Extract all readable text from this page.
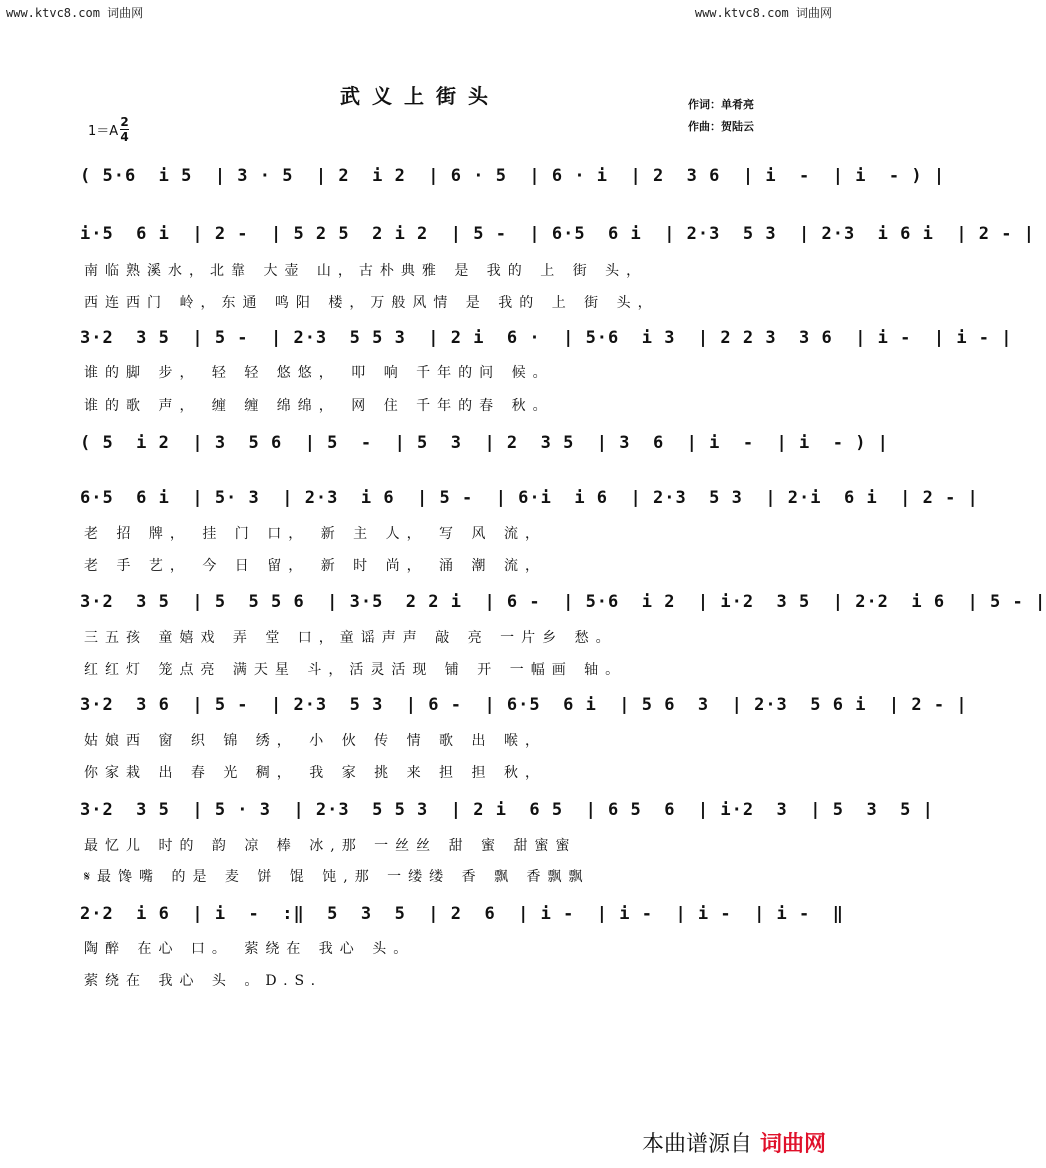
www.ktvc8.com 词曲网	www.ktvc8.com 词曲网
武义上街头	作词：单肴亮
作曲：贺陆云
1＝A
2
4
( 5·6  i 5  | 3 · 5  | 2  i 2  | 6 · 5  | 6 · i  | 2  3 6  | i  -  | i  - ) |
i·5  6 i  | 2 -  | 5 2 5  2 i 2  | 5 -  | 6·5  6 i  | 2·3  5 3  | 2·3  i 6 i  | 2 - |
南临熟溪水，北靠 大壶 山，古朴典雅 是 我的 上 街 头，
西连西门 岭，东通 鸣阳 楼，万般风情 是 我的 上 街 头，
3·2  3 5  | 5 -  | 2·3  5 5 3  | 2 i  6 ·  | 5·6  i 3  | 2 2 3  3 6  | i -  | i - |
谁的脚 步， 轻 轻 悠悠， 叩 响 千年的问 候。
谁的歌 声， 缠 缠 绵绵， 网 住 千年的春 秋。
( 5  i 2  | 3  5 6  | 5  -  | 5  3  | 2  3 5  | 3  6  | i  -  | i  - ) |
6·5  6 i  | 5· 3  | 2·3  i 6  | 5 -  | 6·i  i 6  | 2·3  5 3  | 2·i  6 i  | 2 - |
老 招 牌， 挂 门 口， 新 主 人， 写 风 流，
老 手 艺， 今 日 留， 新 时 尚， 涌 潮 流，
3·2  3 5  | 5  5 5 6  | 3·5  2 2 i  | 6 -  | 5·6  i 2  | i·2  3 5  | 2·2  i 6  | 5 - |
三五孩 童嬉戏 弄 堂 口，童谣声声 敲 亮 一片乡 愁。
红红灯 笼点亮 满天星 斗，活灵活现 铺 开 一幅画 轴。
3·2  3 6  | 5 -  | 2·3  5 3  | 6 -  | 6·5  6 i  | 5 6  3  | 2·3  5 6 i  | 2 - |
姑娘西 窗 织 锦 绣， 小 伙 传 情 歌 出 喉，
你家栽 出 春 光 稠， 我 家 挑 来 担 担 秋，
3·2  3 5  | 5 · 3  | 2·3  5 5 3  | 2 i  6 5  | 6 5  6  | i·2  3  | 5  3  5 |
最忆儿 时的 韵 凉 棒 冰,那 一丝丝 甜 蜜 甜蜜蜜
𝄋最馋嘴 的是 麦 饼 馄 饨,那 一缕缕 香 飘 香飘飘
2·2  i 6  | i  -  :‖  5  3  5  | 2  6  | i -  | i -  | i -  | i -  ‖
陶醉 在心 口。 萦绕在 我心 头。
萦绕在 我心 头 。D.S.
本曲谱源自 词曲网
